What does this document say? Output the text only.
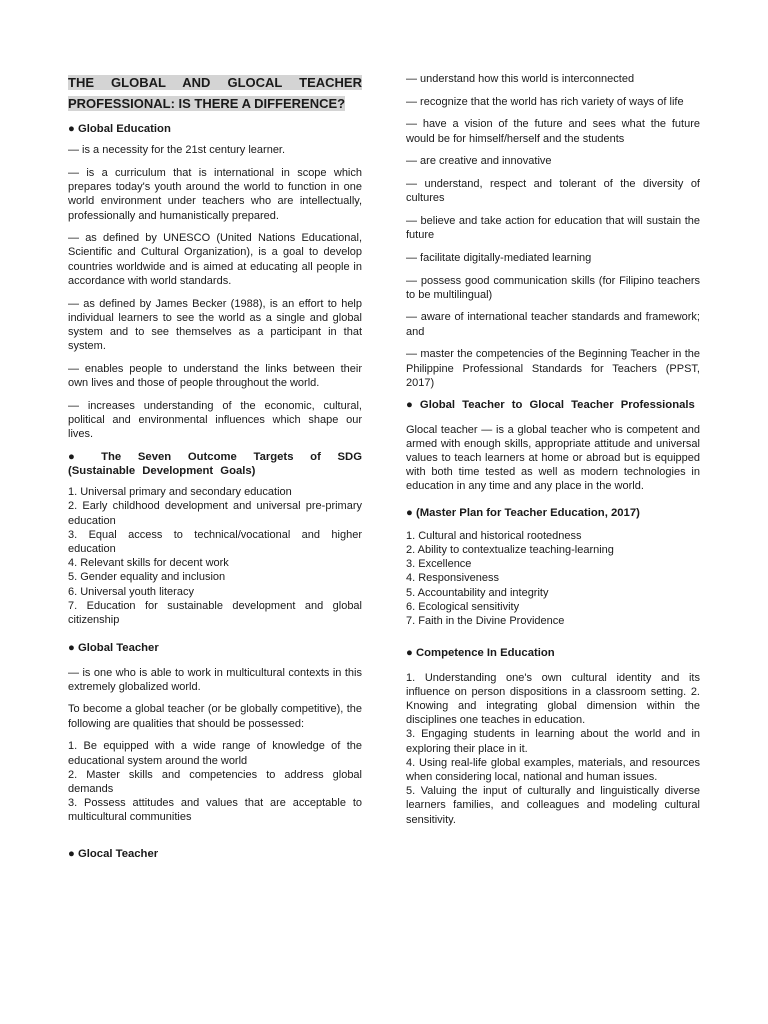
THE GLOBAL AND GLOCAL TEACHER PROFESSIONAL: IS THERE A DIFFERENCE?
● Global Education
— is a necessity for the 21st century learner.
— is a curriculum that is international in scope which prepares today's youth around the world to function in one world environment under teachers who are intellectually, professionally and humanistically prepared.
— as defined by UNESCO (United Nations Educational, Scientific and Cultural Organization), is a goal to develop countries worldwide and is aimed at educating all people in accordance with world standards.
— as defined by James Becker (1988), is an effort to help individual learners to see the world as a single and global system and to see themselves as a participant in that system.
— enables people to understand the links between their own lives and those of people throughout the world.
— increases understanding of the economic, cultural, political and environmental influences which shape our lives.
● The Seven Outcome Targets of SDG (Sustainable Development Goals)
1. Universal primary and secondary education
2. Early childhood development and universal pre-primary education
3. Equal access to technical/vocational and higher education
4. Relevant skills for decent work
5. Gender equality and inclusion
6. Universal youth literacy
7. Education for sustainable development and global citizenship
● Global Teacher
— is one who is able to work in multicultural contexts in this extremely globalized world.
To become a global teacher (or be globally competitive), the following are qualities that should be possessed:
1. Be equipped with a wide range of knowledge of the educational system around the world
2. Master skills and competencies to address global demands
3. Possess attitudes and values that are acceptable to multicultural communities
● Glocal Teacher
— understand how this world is interconnected
— recognize that the world has rich variety of ways of life
— have a vision of the future and sees what the future would be for himself/herself and the students
— are creative and innovative
— understand, respect and tolerant of the diversity of cultures
— believe and take action for education that will sustain the future
— facilitate digitally-mediated learning
— possess good communication skills (for Filipino teachers to be multilingual)
— aware of international teacher standards and framework; and
— master the competencies of the Beginning Teacher in the Philippine Professional Standards for Teachers (PPST, 2017)
● Global Teacher to Glocal Teacher Professionals
Glocal teacher — is a global teacher who is competent and armed with enough skills, appropriate attitude and universal values to teach learners at home or abroad but is equipped with both time tested as well as modern technologies in education in any time and any place in the world.
● (Master Plan for Teacher Education, 2017)
1. Cultural and historical rootedness
2. Ability to contextualize teaching-learning
3. Excellence
4. Responsiveness
5. Accountability and integrity
6. Ecological sensitivity
7. Faith in the Divine Providence
● Competence In Education
1. Understanding one's own cultural identity and its influence on person dispositions in a classroom setting. 2. Knowing and integrating global dimension within the disciplines one teaches in education.
3. Engaging students in learning about the world and in exploring their place in it.
4. Using real-life global examples, materials, and resources when considering local, national and human issues.
5. Valuing the input of culturally and linguistically diverse learners families, and colleagues and modeling cultural sensitivity.
